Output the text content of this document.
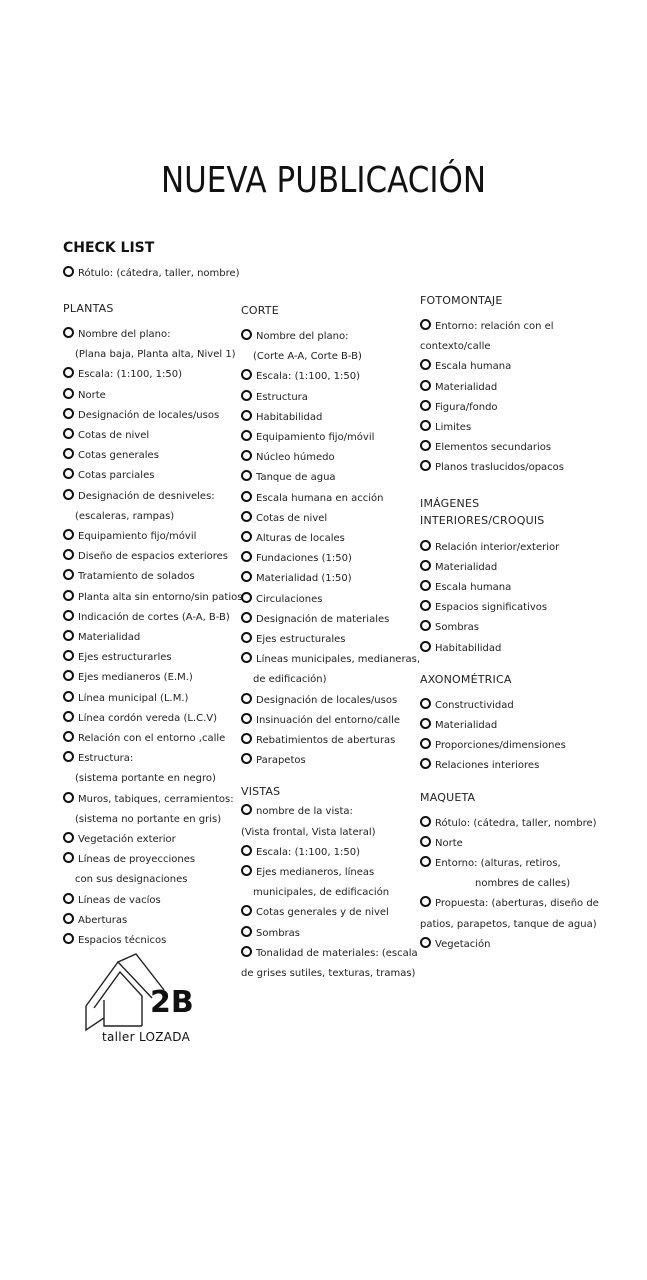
NUEVA PUBLICACIÓN
CHECK LIST
Rótulo: (cátedra, taller, nombre)
PLANTAS
Nombre del plano:
(Plana baja, Planta alta, Nivel 1)
Escala: (1:100, 1:50)
Norte
Designación de locales/usos
Cotas de nivel
Cotas generales
Cotas parciales
Designación de desniveles:
(escaleras, rampas)
Equipamiento fijo/móvil
Diseño de espacios exteriores
Tratamiento de solados
Planta alta sin entorno/sin patios
Indicación de cortes (A-A, B-B)
Materialidad
Ejes estructurarles
Ejes medianeros (E.M.)
Línea municipal (L.M.)
Línea cordón vereda (L.C.V)
Relación con el entorno ,calle
Estructura:
(sistema portante en negro)
Muros, tabiques, cerramientos:
(sistema no portante en gris)
Vegetación exterior
Líneas de proyecciones
con sus designaciones
Líneas de vacíos
Aberturas
Espacios técnicos
CORTE
Nombre del plano:
(Corte A-A, Corte B-B)
Escala: (1:100, 1:50)
Estructura
Habitabilidad
Equipamiento fijo/móvil
Núcleo húmedo
Tanque de agua
Escala humana en acción
Cotas de nivel
Alturas de locales
Fundaciones (1:50)
Materialidad (1:50)
Circulaciones
Designación de materiales
Ejes estructurales
Líneas municipales, medianeras,
de edificación)
Designación de locales/usos
Insinuación del entorno/calle
Rebatimientos de aberturas
Parapetos
VISTAS
nombre de la vista:
(Vista frontal, Vista lateral)
Escala: (1:100, 1:50)
Ejes medianeros, líneas
municipales, de edificación
Cotas generales y de nivel
Sombras
Tonalidad de materiales: (escala
de grises sutiles, texturas, tramas)
FOTOMONTAJE
Entorno: relación con el
contexto/calle
Escala humana
Materialidad
Figura/fondo
Limites
Elementos secundarios
Planos traslucidos/opacos
IMÁGENES
INTERIORES/CROQUIS
Relación interior/exterior
Materialidad
Escala humana
Espacios significativos
Sombras
Habitabilidad
AXONOMÉTRICA
Constructividad
Materialidad
Proporciones/dimensiones
Relaciones interiores
MAQUETA
Rótulo: (cátedra, taller, nombre)
Norte
Entorno: (alturas, retiros,
nombres de calles)
Propuesta: (aberturas, diseño de
patios, parapetos, tanque de agua)
Vegetación
2B
taller LOZADA
